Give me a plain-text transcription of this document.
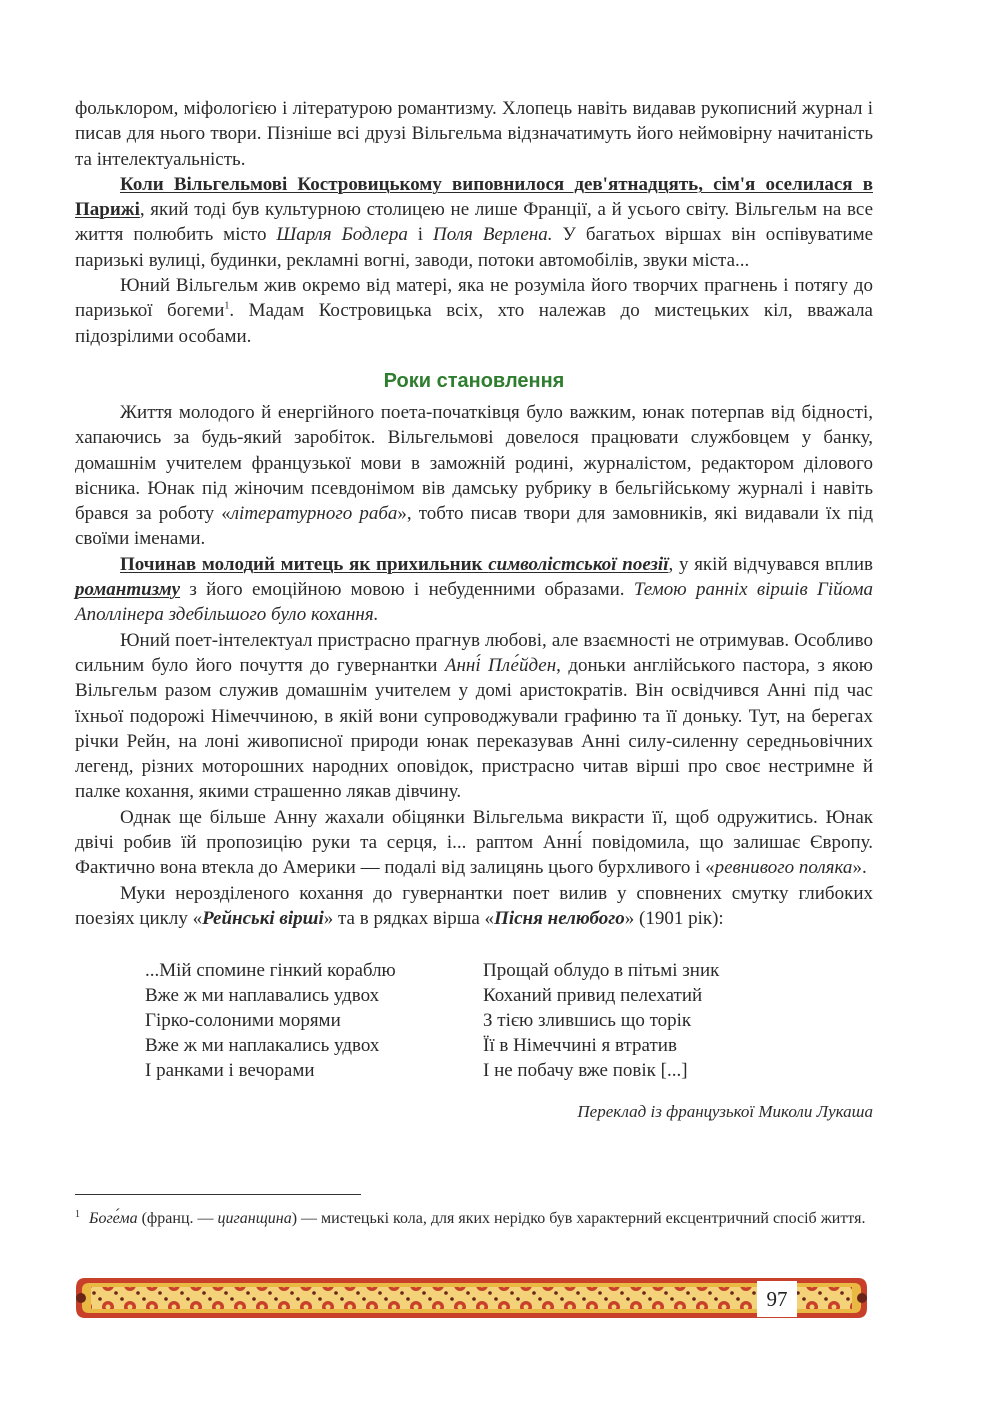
фольклором, міфологією і літературою романтизму. Хлопець навіть видавав рукописний журнал і писав для нього твори. Пізніше всі друзі Вільгельма відзначатимуть його неймовірну начитаність та інтелектуальність.

Коли Вільгельмові Костровицькому виповнилося дев'ятнадцять, сім'я оселилася в Парижі, який тоді був культурною столицею не лише Франції, а й усього світу. Вільгельм на все життя полюбить місто Шарля Бодлера і Поля Верлена. У багатьох віршах він оспівуватиме паризькі вулиці, будинки, рекламні вогні, заводи, потоки автомобілів, звуки міста...

Юний Вільгельм жив окремо від матері, яка не розуміла його творчих прагнень і потягу до паризької богеми$^1$. Мадам Костровицька всіх, хто належав до мистецьких кіл, вважала підозрілими особами.

Роки становлення

Життя молодого й енергійного поета-початківця було важким, юнак потерпав від бідності, хапаючись за будь-який заробіток. Вільгельмові довелося працювати службовцем у банку, домашнім учителем французької мови в заможній родині, журналістом, редактором ділового вісника. Юнак під жіночим псевдонімом вів дамську рубрику в бельгійському журналі і навіть брався за роботу «літературного раба», тобто писав твори для замовників, які видавали їх під своїми іменами.

Починав молодий митець як прихильник символістської поезії, у якій відчувався вплив романтизму з його емоційною мовою і небуденними образами. Темою ранніх віршів Гійома Аполлінера здебільшого було кохання.

Юний поет-інтелектуал пристрасно прагнув любові, але взаємності не отримував. Особливо сильним було його почуття до гувернантки Анні́ Пле́йден, доньки англійського пастора, з якою Вільгельм разом служив домашнім учителем у домі аристократів. Він освідчився Анні під час їхньої подорожі Німеччиною, в якій вони супроводжували графиню та її доньку. Тут, на берегах річки Рейн, на лоні живописної природи юнак переказував Анні силу-силенну середньовічних легенд, різних моторошних народних оповідок, пристрасно читав вірші про своє нестримне й палке кохання, якими страшенно лякав дівчину.

Однак ще більше Анну жахали обіцянки Вільгельма викрасти її, щоб одружитись. Юнак двічі робив їй пропозицію руки та серця, і... раптом Анні́ повідомила, що залишає Європу. Фактично вона втекла до Америки — подалі від залицянь цього бурхливого і «ревнивого поляка».

Муки нерозділеного кохання до гувернантки поет вилив у сповнених смутку глибоких поезіях циклу «Рейнські вірші» та в рядках вірша «Пісня нелюбого» (1901 рік):

...Мій спомине гінкий кораблю
Вже ж ми наплавались удвох
Гірко-солоними морями
Вже ж ми наплакались удвох
І ранками і вечорами
Прощай облудо в пітьмі зник
Коханий привид пелехатий
З тією злившись що торік
Її в Німеччині я втратив
І не побачу вже повік [...]
Переклад із французької Миколи Лукаша
$^1$ Боге́ма (франц. — циганщина) — мистецькі кола, для яких нерідко був характерний ексцентричний спосіб життя.
97
